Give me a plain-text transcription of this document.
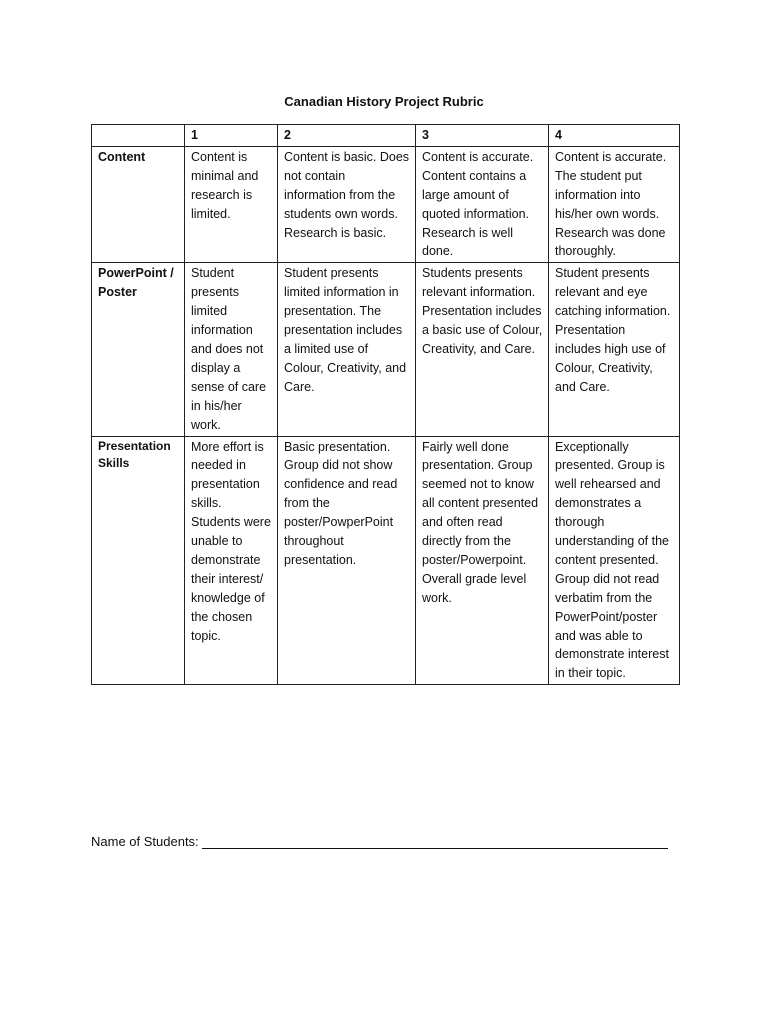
Canadian History Project Rubric
	1	2	3	4
Content	Content is minimal and research is limited.	Content is basic. Does not contain information from the students own words. Research is basic.	Content is accurate. Content contains a large amount of quoted information. Research is well done.	Content is accurate. The student put information into his/her own words. Research was done thoroughly.
PowerPoint / Poster	Student presents limited information and does not display a sense of care in his/her work.	Student presents limited information in presentation. The presentation includes a limited use of Colour, Creativity, and Care.	Students presents relevant information. Presentation includes a basic use of Colour, Creativity, and Care.	Student presents relevant and eye catching information. Presentation includes high use of Colour, Creativity, and Care.
Presentation Skills	More effort is needed in presentation skills. Students were unable to demonstrate their interest/ knowledge of the chosen topic.	Basic presentation. Group did not show confidence and read from the poster/PowperPoint throughout presentation.	Fairly well done presentation. Group seemed not to know all content presented and often read directly from the poster/Powerpoint. Overall grade level work.	Exceptionally presented. Group is well rehearsed and demonstrates a thorough understanding of the content presented. Group did not read verbatim from the PowerPoint/poster and was able to demonstrate interest in their topic.
Name of Students:
